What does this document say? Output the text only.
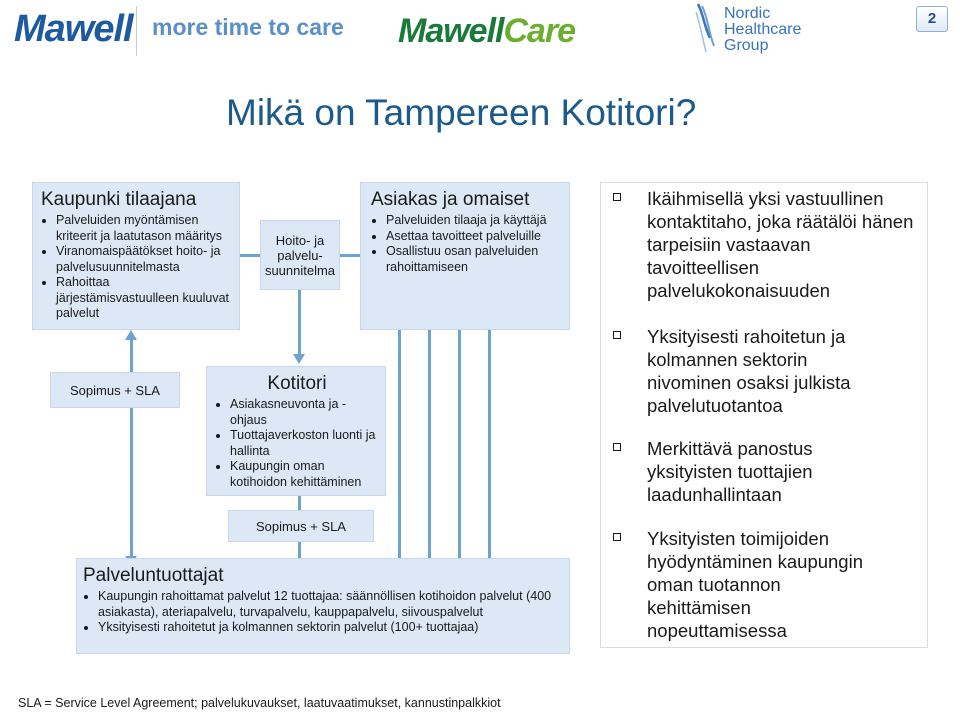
Mawell more time to care MawellCare	Nordic
Healthcare
Group
2
Mikä on Tampereen Kotitori?
Kaupunki tilaajana
• Palveluiden myöntämisen kriteerit ja laatutason määritys
• Viranomaispäätökset hoito- ja palvelusuunnitelmasta
• Rahoittaa järjestämisvastuulleen kuuluvat palvelut
Hoito- ja
palvelu-
suunnitelma
Asiakas ja omaiset
• Palveluiden tilaaja ja käyttäjä
• Asettaa tavoitteet palveluille
• Osallistuu osan palveluiden rahoittamiseen
Sopimus + SLA	Kotitori
• Asiakasneuvonta ja -ohjaus
• Tuottajaverkoston luonti ja hallinta
• Kaupungin oman kotihoidon kehittäminen
Sopimus + SLA
Palveluntuottajat
• Kaupungin rahoittamat palvelut 12 tuottajaa: säännöllisen kotihoidon palvelut (400 asiakasta), ateriapalvelu, turvapalvelu, kauppapalvelu, siivouspalvelut
• Yksityisesti rahoitetut ja kolmannen sektorin palvelut (100+ tuottajaa)
Ikäihmisellä yksi vastuullinen kontaktitaho, joka räätälöi hänen tarpeisiin vastaavan tavoitteellisen palvelukokonaisuuden
Yksityisesti rahoitetun ja kolmannen sektorin nivominen osaksi julkista palvelutuotantoa
Merkittävä panostus yksityisten tuottajien laadunhallintaan
Yksityisten toimijoiden hyödyntäminen kaupungin oman tuotannon kehittämisen nopeuttamisessa
SLA = Service Level Agreement; palvelukuvaukset, laatuvaatimukset, kannustinpalkkiot
